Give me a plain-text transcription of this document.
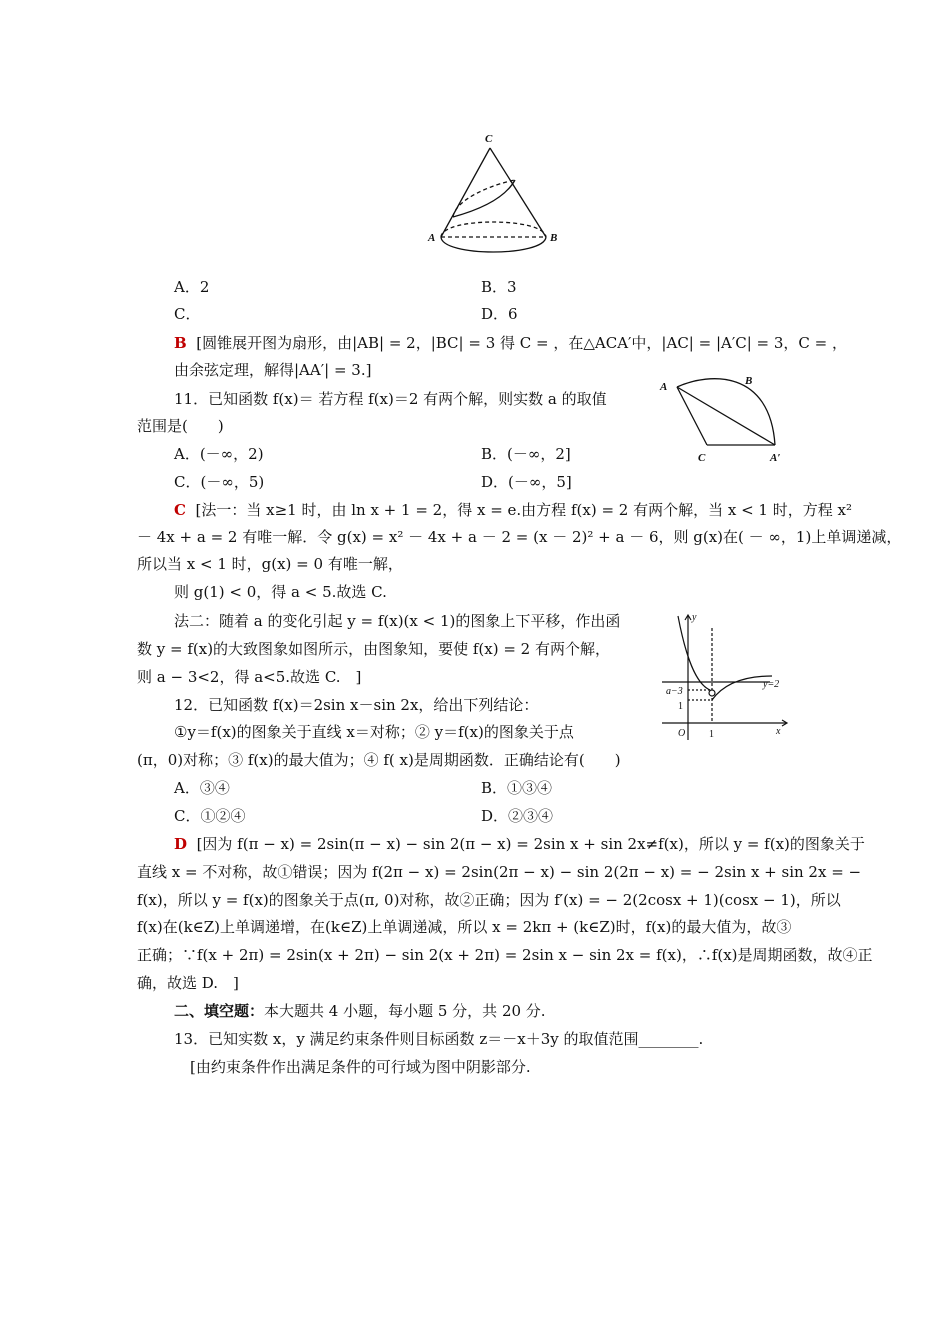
C
A	B
A．2	B．3
C．	D．6
B [圆锥展开图为扇形，由|AB| = 2，|BC| = 3 得 C = ，在△ACA′中，|AC| = |A′C| = 3，C = ，
由余弦定理，解得|AA′| = 3.]
A	B
C	A′
11．已知函数 f(x)＝ 若方程 f(x)＝2 有两个解，则实数 a 的取值
范围是(　　)
A．(－∞，2)	B．(－∞，2]
C．(－∞，5)	D．(－∞，5]
C [法一：当 x≥1 时，由 ln x + 1 = 2，得 x = e.由方程 f(x) = 2 有两个解，当 x < 1 时，方程 x²
－ 4x + a = 2 有唯一解．令 g(x) = x² － 4x + a － 2 = (x － 2)² + a － 6，则 g(x)在( － ∞，1)上单调递减，
所以当 x < 1 时，g(x) = 0 有唯一解，
则 g(1) < 0，得 a < 5.故选 C.
法二：随着 a 的变化引起 y = f(x)(x < 1)的图象上下平移，作出函
数 y = f(x)的大致图象如图所示，由图象知，要使 f(x) = 2 有两个解，
则 a − 3<2，得 a<5.故选 C.　]
y
x
O
a−3
1
1
y=2
12．已知函数 f(x)＝2sin x－sin 2x，给出下列结论：
①y＝f(x)的图象关于直线 x＝对称；② y＝f(x)的图象关于点
(π，0)对称；③ f(x)的最大值为；④ f( x)是周期函数．正确结论有(　　)
A．③④	B．①③④
C．①②④	D．②③④
D [因为 f(π − x) = 2sin(π − x) − sin 2(π − x) = 2sin x + sin 2x≠f(x)，所以 y = f(x)的图象关于
直线 x = 不对称，故①错误；因为 f(2π − x) = 2sin(2π − x) − sin 2(2π − x) = − 2sin x + sin 2x = −
f(x)，所以 y = f(x)的图象关于点(π, 0)对称，故②正确；因为 f′(x) = − 2(2cosx + 1)(cosx − 1)，所以
f(x)在(k∈Z)上单调递增，在(k∈Z)上单调递减，所以 x = 2kπ + (k∈Z)时，f(x)的最大值为，故③
正确；∵f(x + 2π) = 2sin(x + 2π) − sin 2(x + 2π) = 2sin x − sin 2x = f(x)，∴f(x)是周期函数，故④正
确，故选 D.　]
二、填空题：本大题共 4 小题，每小题 5 分，共 20 分.
13．已知实数 x，y 满足约束条件则目标函数 z＝－x＋3y 的取值范围________.
[由约束条件作出满足条件的可行域为图中阴影部分.
